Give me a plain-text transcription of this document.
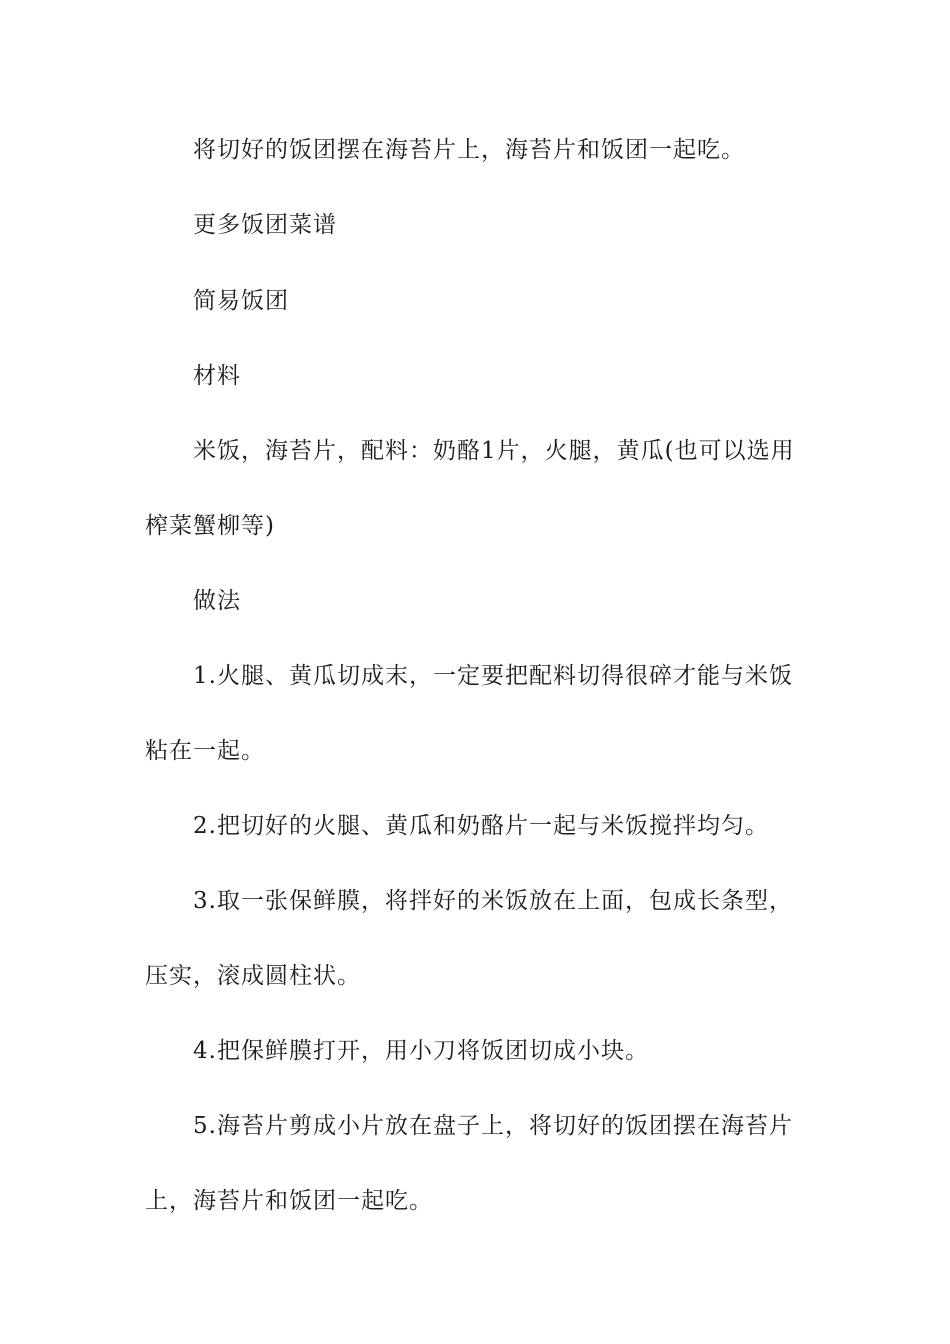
将切好的饭团摆在海苔片上，海苔片和饭团一起吃。
更多饭团菜谱
简易饭团
材料
米饭，海苔片，配料：奶酪1片，火腿，黄瓜(也可以选用
榨菜蟹柳等)
做法
1.火腿、黄瓜切成末，一定要把配料切得很碎才能与米饭
粘在一起。
2.把切好的火腿、黄瓜和奶酪片一起与米饭搅拌均匀。
3.取一张保鲜膜，将拌好的米饭放在上面，包成长条型，
压实，滚成圆柱状。
4.把保鲜膜打开，用小刀将饭团切成小块。
5.海苔片剪成小片放在盘子上，将切好的饭团摆在海苔片
上，海苔片和饭团一起吃。
